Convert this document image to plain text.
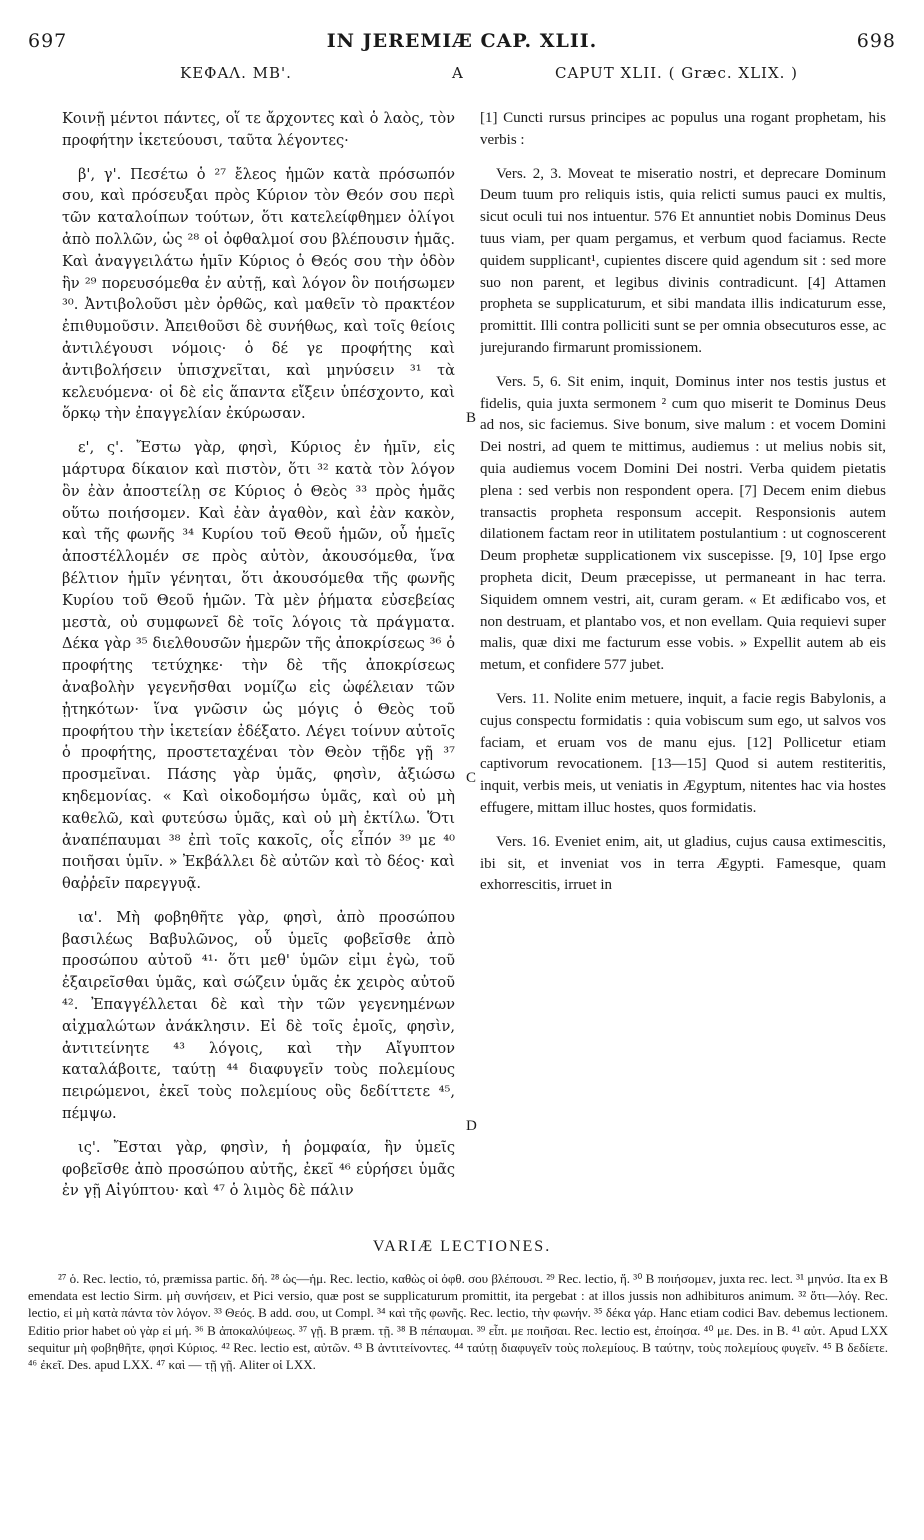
697	IN JEREMIÆ CAP. XLII.	698
ΚΕΦΑΛ. ΜΒ'.	A	CAPUT XLII. ( Græc. XLIX. )

Κοινῇ μέντοι πάντες, οἵ τε ἄρχοντες καὶ ὁ λαὸς, τὸν προφήτην ἱκετεύουσι, ταῦτα λέγοντες·

β', γ'. Πεσέτω ὁ ²⁷ ἔλεος ἡμῶν κατὰ πρόσωπόν σου, καὶ πρόσευξαι πρὸς Κύριον τὸν Θεόν σου περὶ τῶν καταλοίπων τούτων, ὅτι κατελείφθημεν ὀλίγοι ἀπὸ πολλῶν, ὡς ²⁸ οἱ ὀφθαλμοί σου βλέπουσιν ἡμᾶς. Καὶ ἀναγγειλάτω ἡμῖν Κύριος ὁ Θεός σου τὴν ὁδὸν ἣν ²⁹ πορευσόμεθα ἐν αὐτῇ, καὶ λόγον ὃν ποιήσωμεν ³⁰. Ἀντιβολοῦσι μὲν ὀρθῶς, καὶ μαθεῖν τὸ πρακτέον ἐπιθυμοῦσιν. Ἀπειθοῦσι δὲ συνήθως, καὶ τοῖς θείοις ἀντιλέγουσι νόμοις· ὁ δέ γε προφήτης καὶ ἀντιβολήσειν ὑπισχνεῖται, καὶ μηνύσειν ³¹ τὰ κελευόμενα· οἱ δὲ εἰς ἅπαντα εἴξειν ὑπέσχοντο, καὶ ὅρκῳ τὴν ἐπαγγελίαν ἐκύρωσαν.

ε', ς'. Ἔστω γὰρ, φησὶ, Κύριος ἐν ἡμῖν, εἰς μάρτυρα δίκαιον καὶ πιστὸν, ὅτι ³² κατὰ τὸν λόγον ὃν ἐὰν ἀποστείλῃ σε Κύριος ὁ Θεὸς ³³ πρὸς ἡμᾶς οὕτω ποιήσομεν. Καὶ ἐὰν ἀγαθὸν, καὶ ἐὰν κακὸν, καὶ τῆς φωνῆς ³⁴ Κυρίου τοῦ Θεοῦ ἡμῶν, οὗ ἡμεῖς ἀποστέλλομέν σε πρὸς αὐτὸν, ἀκουσόμεθα, ἵνα βέλτιον ἡμῖν γένηται, ὅτι ἀκουσόμεθα τῆς φωνῆς Κυρίου τοῦ Θεοῦ ἡμῶν. Τὰ μὲν ῥήματα εὐσεβείας μεστὰ, οὐ συμφωνεῖ δὲ τοῖς λόγοις τὰ πράγματα. Δέκα γὰρ ³⁵ διελθουσῶν ἡμερῶν τῆς ἀποκρίσεως ³⁶ ὁ προφήτης τετύχηκε· τὴν δὲ τῆς ἀποκρίσεως ἀναβολὴν γεγενῆσθαι νομίζω εἰς ὠφέλειαν τῶν ᾐτηκότων· ἵνα γνῶσιν ὡς μόγις ὁ Θεὸς τοῦ προφήτου τὴν ἱκετείαν ἐδέξατο. Λέγει τοίνυν αὐτοῖς ὁ προφήτης, προστεταχέναι τὸν Θεὸν τῇδε γῇ ³⁷ προσμεῖναι. Πάσης γὰρ ὑμᾶς, φησὶν, ἀξιώσω κηδεμονίας. « Καὶ οἰκοδομήσω ὑμᾶς, καὶ οὐ μὴ καθελῶ, καὶ φυτεύσω ὑμᾶς, καὶ οὐ μὴ ἐκτίλω. Ὅτι ἀναπέπαυμαι ³⁸ ἐπὶ τοῖς κακοῖς, οἷς εἶπόν ³⁹ με ⁴⁰ ποιῆσαι ὑμῖν. » Ἐκβάλλει δὲ αὐτῶν καὶ τὸ δέος· καὶ θαῤῥεῖν παρεγγυᾷ.

ια'. Μὴ φοβηθῆτε γὰρ, φησὶ, ἀπὸ προσώπου βασιλέως Βαβυλῶνος, οὗ ὑμεῖς φοβεῖσθε ἀπὸ προσώπου αὐτοῦ ⁴¹· ὅτι μεθ' ὑμῶν εἰμι ἐγὼ, τοῦ ἐξαιρεῖσθαι ὑμᾶς, καὶ σώζειν ὑμᾶς ἐκ χειρὸς αὐτοῦ ⁴². Ἐπαγγέλλεται δὲ καὶ τὴν τῶν γεγενημένων αἰχμαλώτων ἀνάκλησιν. Εἰ δὲ τοῖς ἐμοῖς, φησὶν, ἀντιτείνητε ⁴³ λόγοις, καὶ τὴν Αἴγυπτον καταλάβοιτε, ταύτῃ ⁴⁴ διαφυγεῖν τοὺς πολεμίους πειρώμενοι, ἐκεῖ τοὺς πολεμίους οὓς δεδίττετε ⁴⁵, πέμψω.

ις'. Ἔσται γὰρ, φησὶν, ἡ ῥομφαία, ἣν ὑμεῖς φοβεῖσθε ἀπὸ προσώπου αὐτῆς, ἐκεῖ ⁴⁶ εὑρήσει ὑμᾶς ἐν γῇ Αἰγύπτου· καὶ ⁴⁷ ὁ λιμὸς δὲ πάλιν

[1] Cuncti rursus principes ac populus una rogant prophetam, his verbis :

Vers. 2, 3. Moveat te miseratio nostri, et deprecare Dominum Deum tuum pro reliquis istis, quia relicti sumus pauci ex multis, sicut oculi tui nos intuentur. 576 Et annuntiet nobis Dominus Deus tuus viam, per quam pergamus, et verbum quod faciamus. Recte quidem supplicant¹, cupientes discere quid agendum sit : sed more suo non parent, et legibus divinis contradicunt. [4] Attamen propheta se supplicaturum, et sibi mandata illis indicaturum esse, promittit. Illi contra polliciti sunt se per omnia obsecuturos esse, ac jurejurando firmarunt promissionem.

Vers. 5, 6. Sit enim, inquit, Dominus inter nos testis justus et fidelis, quia juxta sermonem ² cum quo miserit te Dominus Deus ad nos, sic faciemus. Sive bonum, sive malum : et vocem Domini Dei nostri, ad quem te mittimus, audiemus : ut melius nobis sit, quia audiemus vocem Domini Dei nostri. Verba quidem pietatis plena : sed verbis non respondent opera. [7] Decem enim diebus transactis propheta responsum accepit. Responsionis autem dilationem factam reor in utilitatem postulantium : ut cognoscerent Deum prophetæ supplicationem vix suscepisse. [9, 10] Ipse ergo propheta dicit, Deum præcepisse, ut permaneant in hac terra. Siquidem omnem vestri, ait, curam geram. « Et ædificabo vos, et non destruam, et plantabo vos, et non evellam. Quia requievi super malis, quæ dixi me facturum esse vobis. » Expellit autem ab eis metum, et confidere 577 jubet.

Vers. 11. Nolite enim metuere, inquit, a facie regis Babylonis, a cujus conspectu formidatis : quia vobiscum sum ego, ut salvos vos faciam, et eruam vos de manu ejus. [12] Pollicetur etiam captivorum revocationem. [13—15] Quod si autem restiteritis, inquit, verbis meis, ut veniatis in Ægyptum, nitentes hac via hostes effugere, mittam illuc hostes, quos formidatis.

Vers. 16. Eveniet enim, ait, ut gladius, cujus causa extimescitis, ibi sit, et inveniat vos in terra Ægypti. Famesque, quam exhorrescitis, irruet in

B
C
D
VARIÆ LECTIONES.

²⁷ ὁ. Rec. lectio, τό, præmissa partic. δή. ²⁸ ὡς—ἡμ. Rec. lectio, καθὼς οἱ ὀφθ. σου βλέπουσι. ²⁹ Rec. lectio, ἥ. ³⁰ B ποιήσομεν, juxta rec. lect. ³¹ μηνύσ. Ita ex B emendata est lectio Sirm. μὴ συνήσειν, et Picі versio, quæ post se supplicaturum promittit, ita pergebat : at illos jussis non adhibituros animum. ³² ὅτι—λόγ. Rec. lectio, εἰ μὴ κατὰ πάντα τὸν λόγον. ³³ Θεός. B add. σου, ut Compl. ³⁴ καὶ τῆς φωνῆς. Rec. lectio, τὴν φωνήν. ³⁵ δέκα γάρ. Hanc etiam codici Bav. debemus lectionem. Editio prior habet οὐ γὰρ εἰ μή. ³⁶ B ἀποκαλύψεως. ³⁷ γῇ. B præm. τῇ. ³⁸ B πέπαυμαι. ³⁹ εἶπ. με ποιῆσαι. Rec. lectio est, ἐποίησα. ⁴⁰ με. Des. in B. ⁴¹ αὐτ. Apud LXX sequitur μὴ φοβηθῆτε, φησὶ Κύριος. ⁴² Rec. lectio est, αὐτῶν. ⁴³ B ἀντιτείνοντες. ⁴⁴ ταύτῃ διαφυγεῖν τοὺς πολεμίους. B ταύτην, τοὺς πολεμίους φυγεῖν. ⁴⁵ B δεδίετε. ⁴⁶ ἐκεῖ. Des. apud LXX. ⁴⁷ καὶ — τῇ γῇ. Aliter οἱ LXX.
